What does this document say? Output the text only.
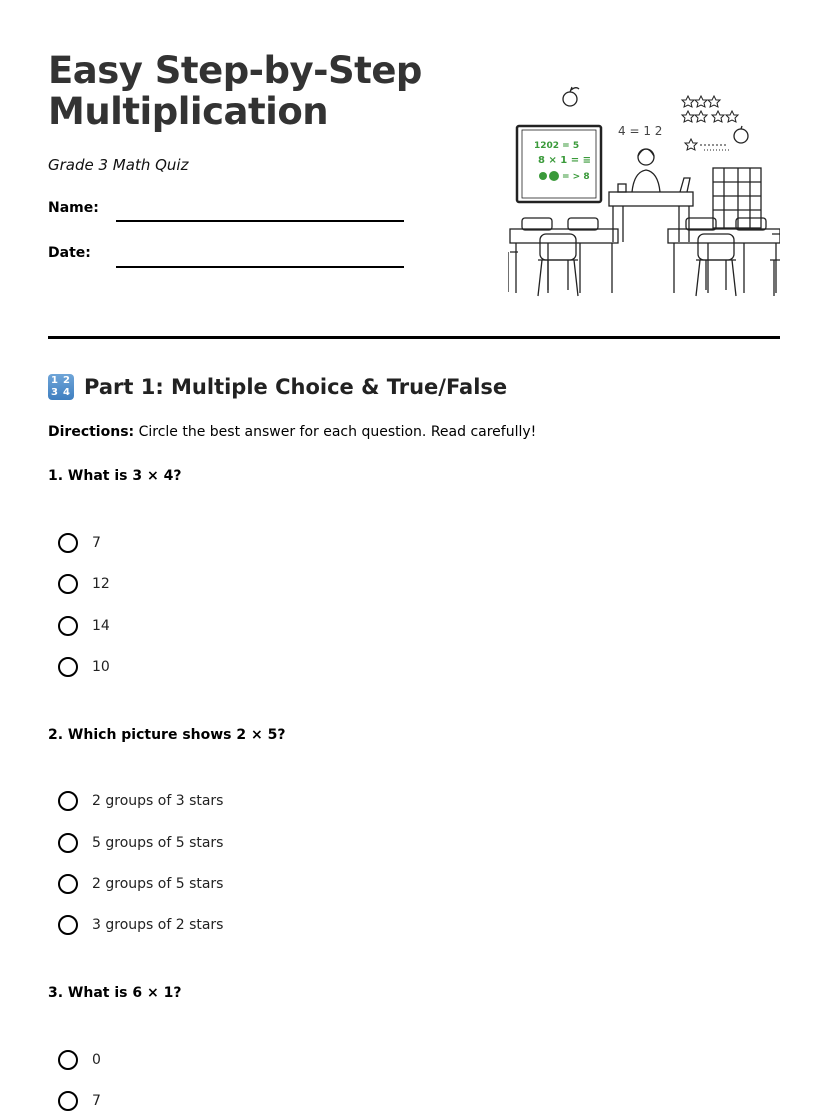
Easy Step-by-Step
Multiplication
Grade 3 Math Quiz
Name:
Date:
1202 = 5
8 × 1 = ≡
= > 8
4 = 1 2
1 2
3 4 Part 1: Multiple Choice & True/False
Directions: Circle the best answer for each question. Read carefully!
1. What is 3 × 4?
7
12
14
10
2. Which picture shows 2 × 5?
2 groups of 3 stars
5 groups of 5 stars
2 groups of 5 stars
3 groups of 2 stars
3. What is 6 × 1?
0
7
